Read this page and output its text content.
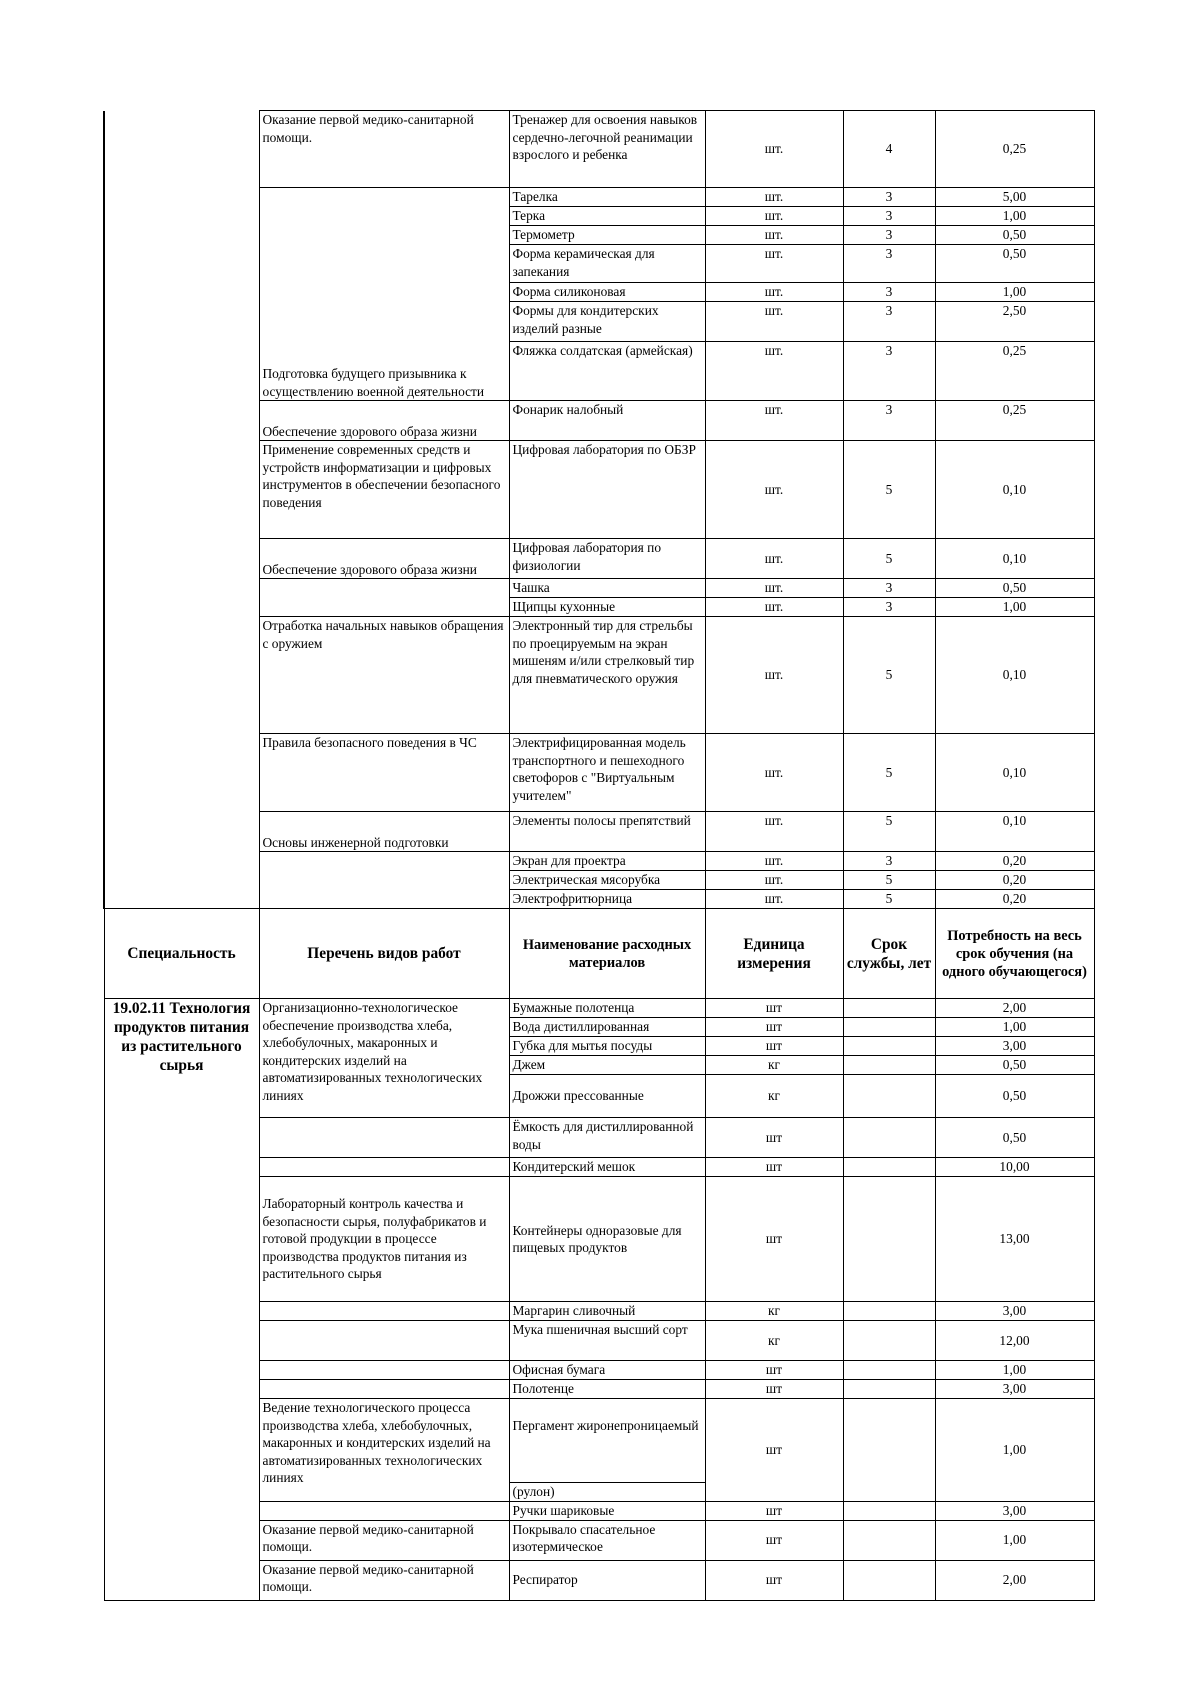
	Оказание первой медико-санитарной помощи.	Тренажер для освоения навыков сердечно-легочной реанимации взрослого и ребенка	шт.	4	0,25
	Подготовка будущего призывника к осуществлению военной деятельности	Тарелка	шт.	3	5,00
		Терка	шт.	3	1,00
		Термометр	шт.	3	0,50
		Форма керамическая для запекания	шт.	3	0,50
		Форма силиконовая	шт.	3	1,00
		Формы для кондитерских изделий разные	шт.	3	2,50
		Фляжка солдатская (армейская)	шт.	3	0,25
	Обеспечение здорового образа жизни	Фонарик налобный	шт.	3	0,25
	Применение современных средств и устройств информатизации и цифровых инструментов в обеспечении безопасного поведения	Цифровая лаборатория по ОБЗР	шт.	5	0,10
	Обеспечение здорового образа жизни	Цифровая лаборатория по физиологии	шт.	5	0,10
		Чашка	шт.	3	0,50
		Щипцы кухонные	шт.	3	1,00
	Отработка начальных навыков обращения с оружием	Электронный тир для стрельбы по проецируемым на экран мишеням и/или стрелковый тир для пневматического оружия	шт.	5	0,10
	Правила безопасного поведения в ЧС	Электрифицированная модель транспортного и пешеходного светофоров с "Виртуальным учителем"	шт.	5	0,10
	Основы инженерной подготовки	Элементы полосы препятствий	шт.	5	0,10
		Экран для проектра	шт.	3	0,20
		Электрическая мясорубка	шт.	5	0,20
		Электрофритюрница	шт.	5	0,20
Специальность	Перечень видов работ	Наименование расходных материалов	Единица измерения	Срок службы, лет	Потребность на весь срок обучения (на одного обучающегося)
19.02.11 Технология продуктов питания из растительного сырья	Организационно-технологическое обеспечение производства хлеба, хлебобулочных, макаронных и кондитерских изделий на автоматизированных технологических линиях	Бумажные полотенца	шт		2,00
		Вода дистиллированная	шт		1,00
		Губка для мытья посуды	шт		3,00
		Джем	кг		0,50
		Дрожжи прессованные	кг		0,50
		Ёмкость для дистиллированной воды	шт		0,50
		Кондитерский мешок	шт		10,00
	Лабораторный контроль качества и безопасности сырья, полуфабрикатов и готовой продукции в процессе производства продуктов питания из растительного сырья	Контейнеры одноразовые для пищевых продуктов	шт		13,00
		Маргарин сливочный	кг		3,00
		Мука пшеничная высший сорт	кг		12,00
		Офисная бумага	шт		1,00
		Полотенце	шт		3,00
	Ведение технологического процесса производства хлеба, хлебобулочных, макаронных и кондитерских изделий на автоматизированных технологических линиях	Пергамент жиронепроницаемый
(рулон)	шт		1,00
		Ручки шариковые	шт		3,00
	Оказание первой медико-санитарной помощи.	Покрывало спасательное изотермическое	шт		1,00
	Оказание первой медико-санитарной помощи.	Респиратор	шт		2,00
